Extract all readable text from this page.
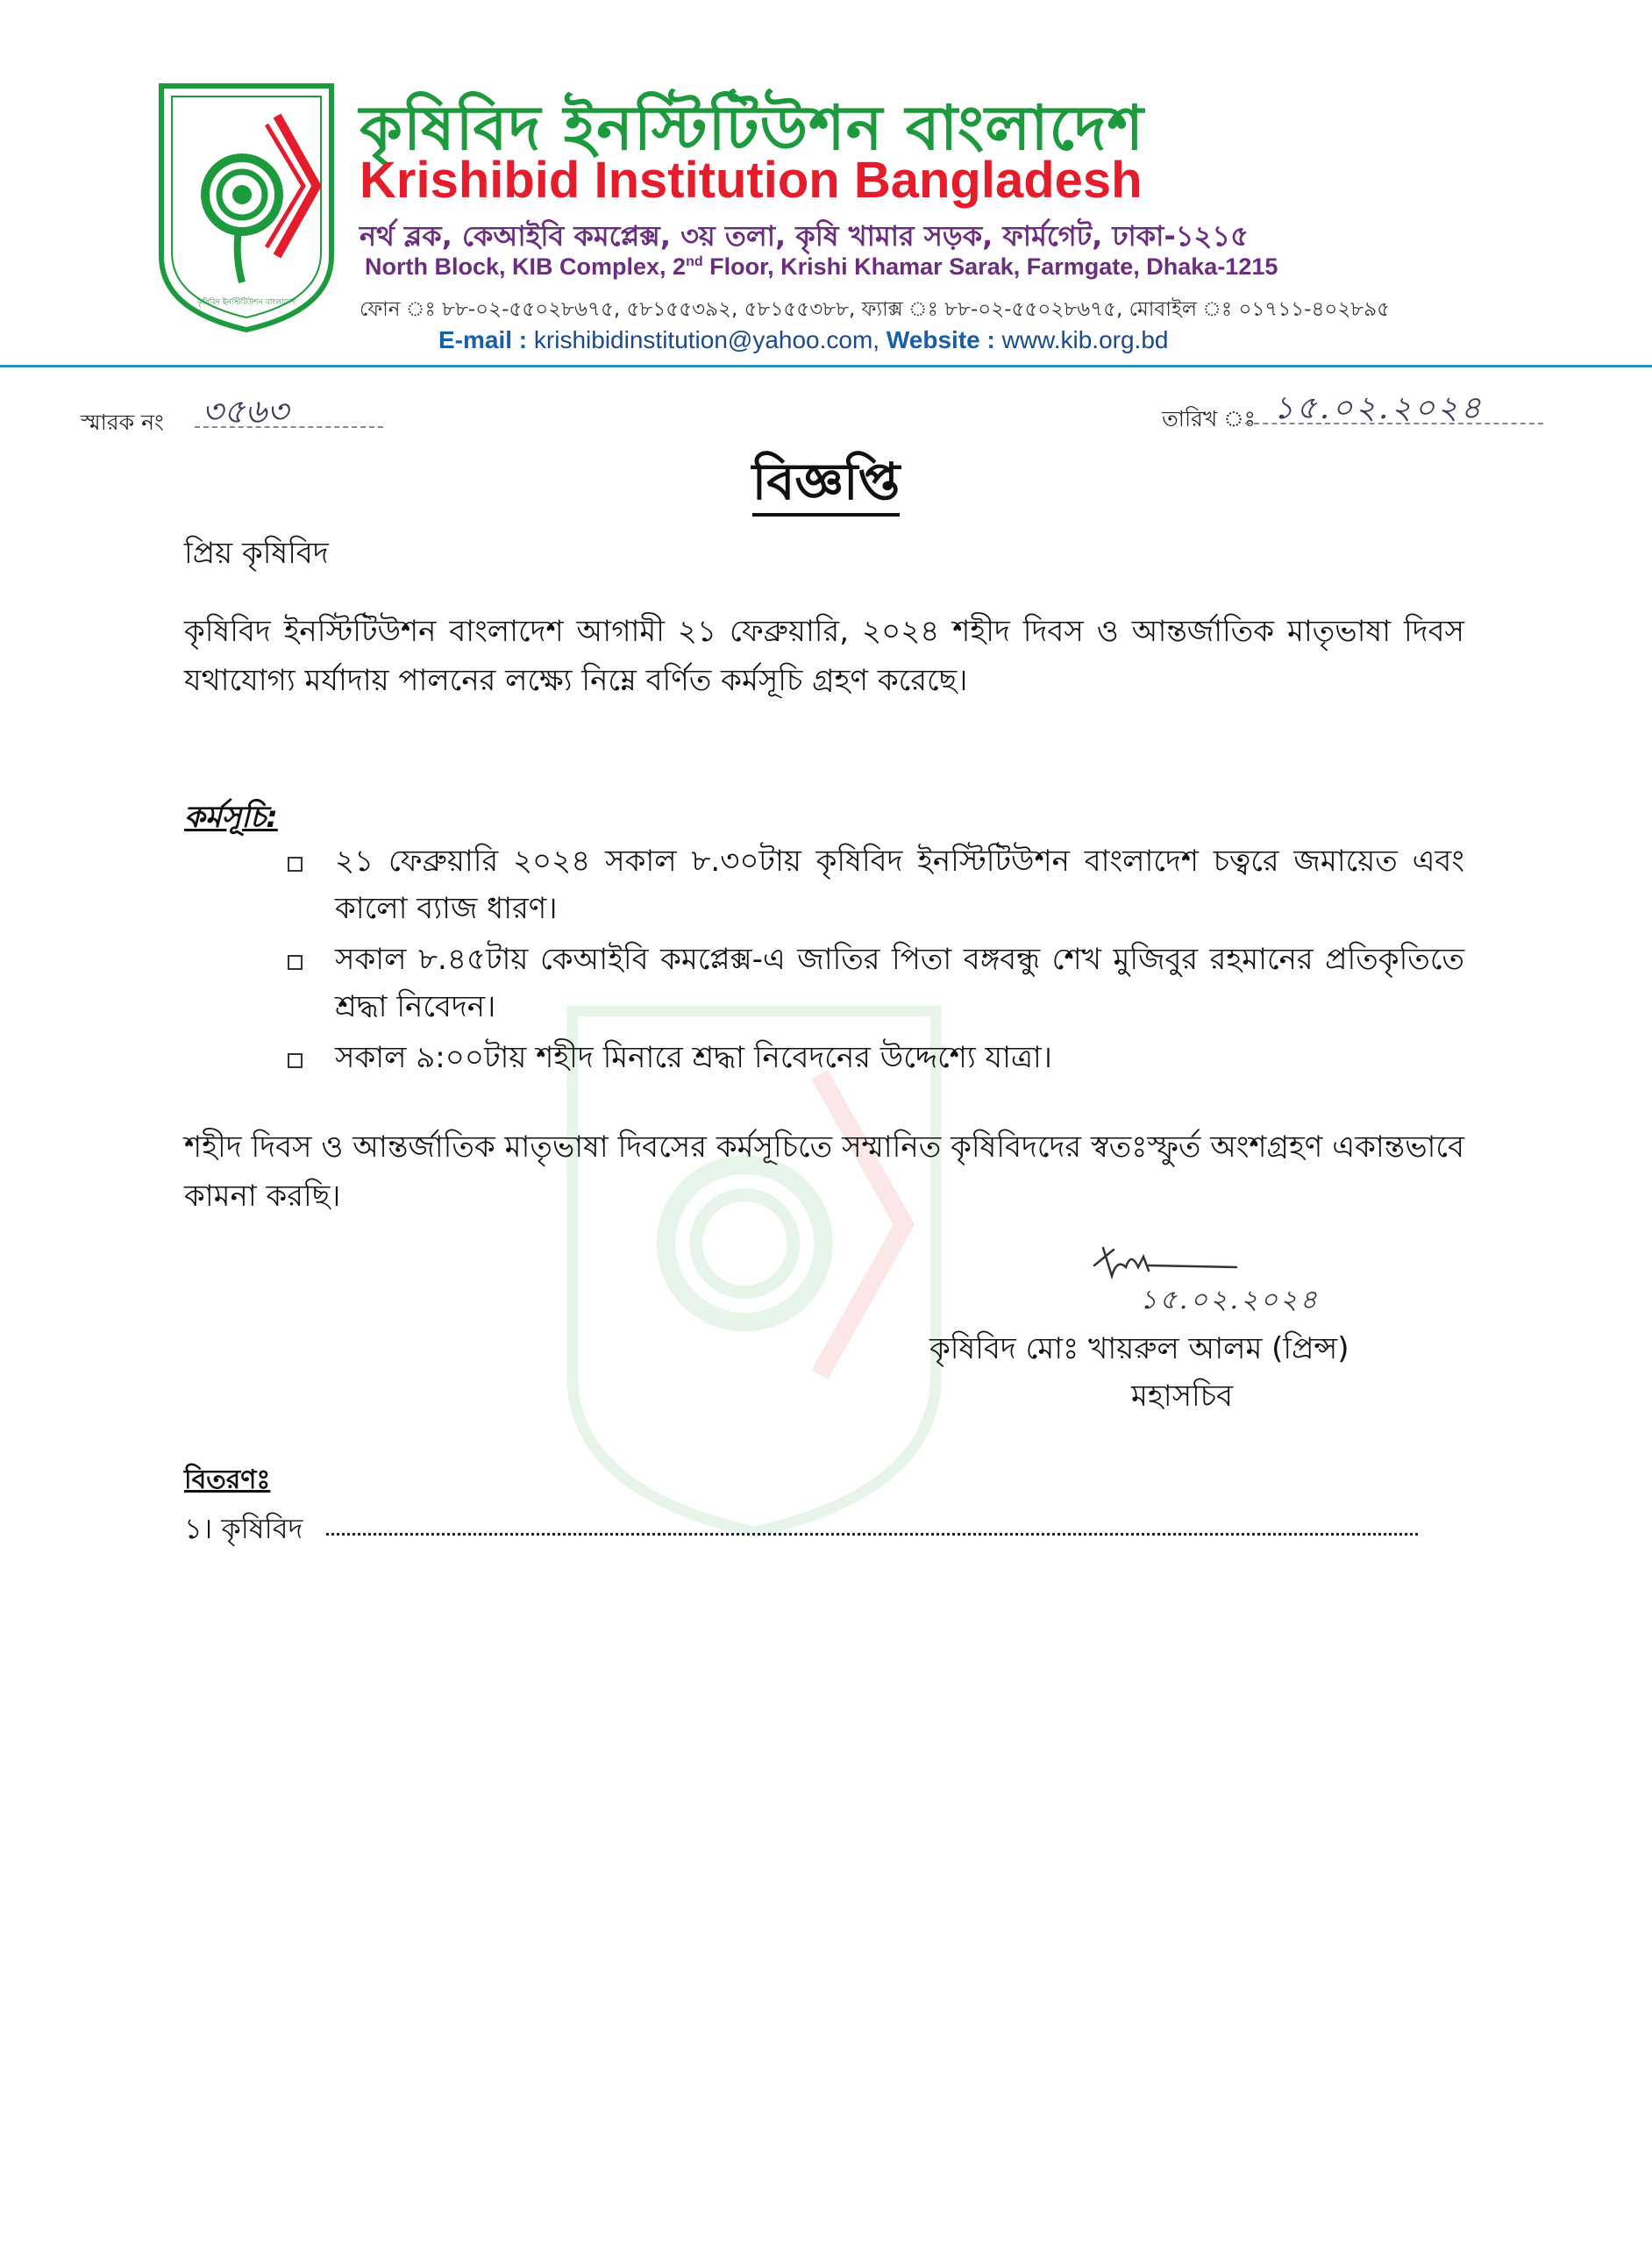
কৃষিবিদ ইনস্টিটিউশন বাংলাদেশ
কৃষিবিদ ইনস্টিটিউশন বাংলাদেশ
Krishibid Institution Bangladesh
নর্থ ব্লক, কেআইবি কমপ্লেক্স, ৩য় তলা, কৃষি খামার সড়ক, ফার্মগেট, ঢাকা-১২১৫
North Block, KIB Complex, 2nd Floor, Krishi Khamar Sarak, Farmgate, Dhaka-1215
ফোন ঃ ৮৮-০২-৫৫০২৮৬৭৫, ৫৮১৫৫৩৯২, ৫৮১৫৫৩৮৮, ফ্যাক্স ঃ ৮৮-০২-৫৫০২৮৬৭৫, মোবাইল ঃ ০১৭১১-৪০২৮৯৫
E-mail : krishibidinstitution@yahoo.com, Website : www.kib.org.bd
স্মারক নং ৩৫৬৩	তারিখ ঃ ১৫.০২.২০২৪
বিজ্ঞপ্তি
প্রিয় কৃষিবিদ
কৃষিবিদ ইনস্টিটিউশন বাংলাদেশ আগামী ২১ ফেব্রুয়ারি, ২০২৪ শহীদ দিবস ও আন্তর্জাতিক মাতৃভাষা দিবস যথাযোগ্য মর্যাদায় পালনের লক্ষ্যে নিম্নে বর্ণিত কর্মসূচি গ্রহণ করেছে।
কর্মসূচি:
২১ ফেব্রুয়ারি ২০২৪ সকাল ৮.৩০টায় কৃষিবিদ ইনস্টিটিউশন বাংলাদেশ চত্বরে জমায়েত এবং কালো ব্যাজ ধারণ।
সকাল ৮.৪৫টায় কেআইবি কমপ্লেক্স-এ জাতির পিতা বঙ্গবন্ধু শেখ মুজিবুর রহমানের প্রতিকৃতিতে শ্রদ্ধা নিবেদন।
সকাল ৯:০০টায় শহীদ মিনারে শ্রদ্ধা নিবেদনের উদ্দেশ্যে যাত্রা।
শহীদ দিবস ও আন্তর্জাতিক মাতৃভাষা দিবসের কর্মসূচিতে সম্মানিত কৃষিবিদদের স্বতঃস্ফুর্ত অংশগ্রহণ একান্তভাবে কামনা করছি।
১৫.০২.২০২৪
কৃষিবিদ মোঃ খায়রুল আলম (প্রিন্স)
মহাসচিব
বিতরণঃ
১। কৃষিবিদ
